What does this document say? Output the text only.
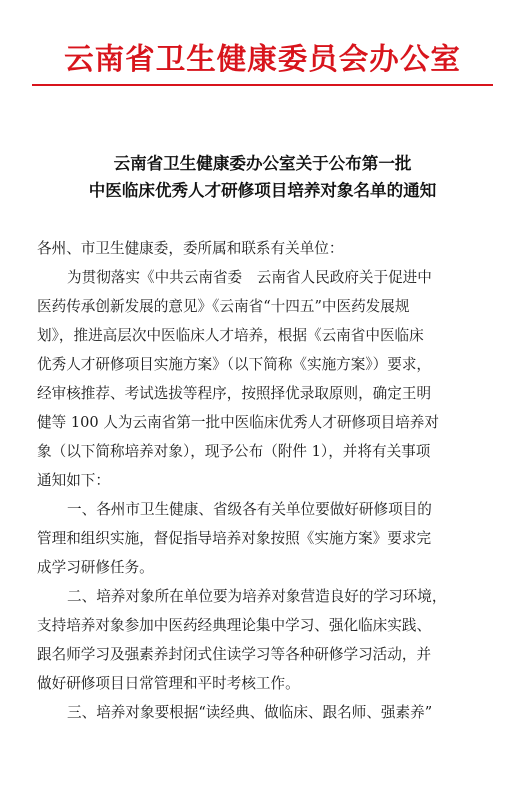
云南省卫生健康委员会办公室
云南省卫生健康委办公室关于公布第一批
中医临床优秀人才研修项目培养对象名单的通知
各州、市卫生健康委，委所属和联系有关单位：
为贯彻落实《中共云南省委　云南省人民政府关于促进中
医药传承创新发展的意见》《云南省“十四五”中医药发展规
划》，推进高层次中医临床人才培养，根据《云南省中医临床
优秀人才研修项目实施方案》（以下简称《实施方案》）要求，
经审核推荐、考试选拔等程序，按照择优录取原则，确定王明
健等 100 人为云南省第一批中医临床优秀人才研修项目培养对
象（以下简称培养对象），现予公布（附件 1），并将有关事项
通知如下：
一、各州市卫生健康、省级各有关单位要做好研修项目的
管理和组织实施，督促指导培养对象按照《实施方案》要求完
成学习研修任务。
二、培养对象所在单位要为培养对象营造良好的学习环境，
支持培养对象参加中医药经典理论集中学习、强化临床实践、
跟名师学习及强素养封闭式住读学习等各种研修学习活动，并
做好研修项目日常管理和平时考核工作。
三、培养对象要根据“读经典、做临床、跟名师、强素养”
